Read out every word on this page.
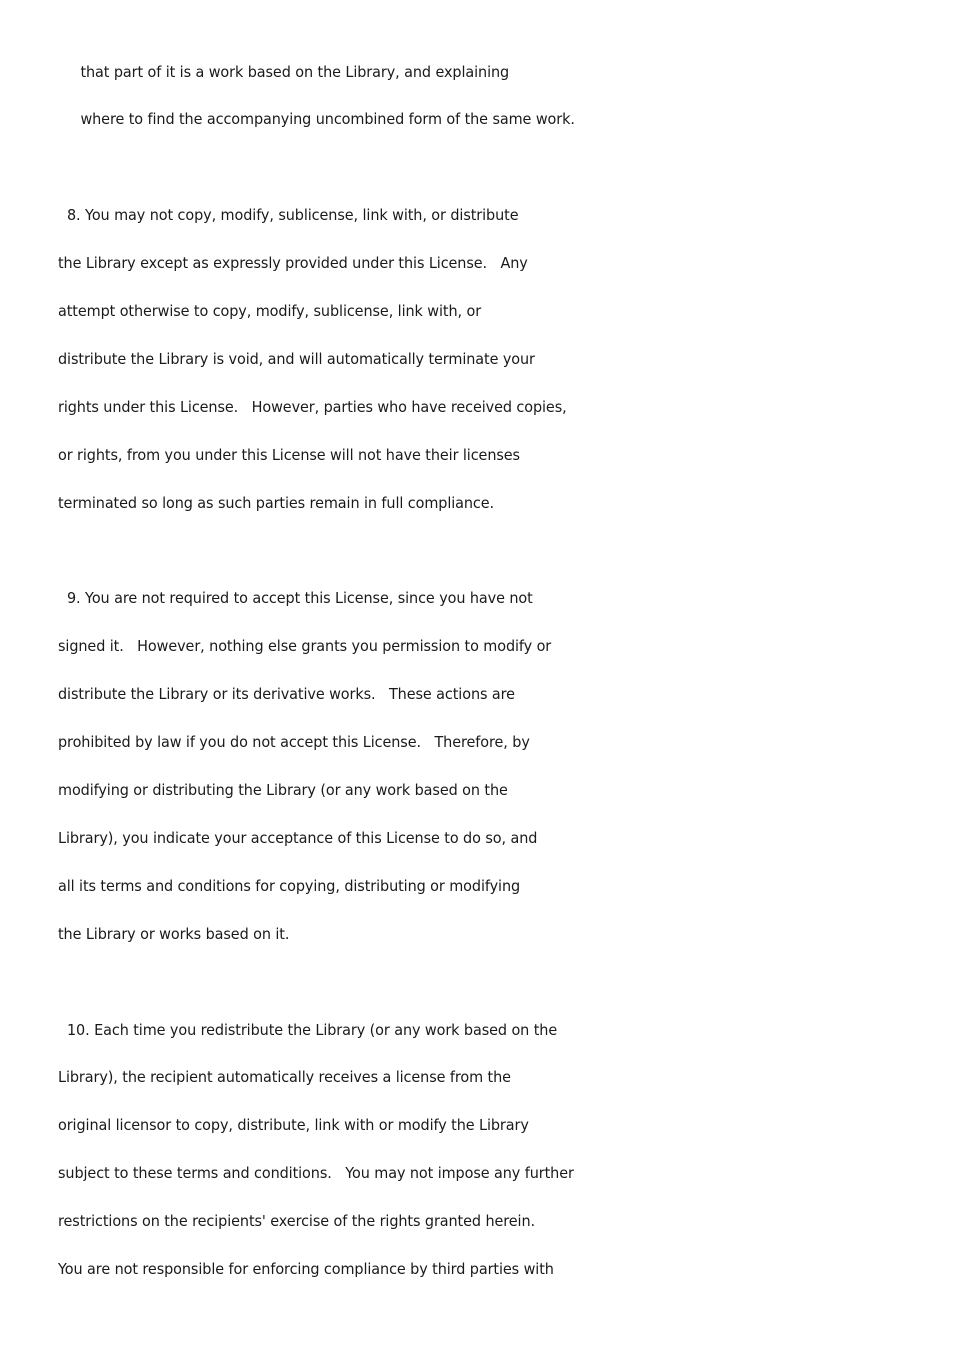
that part of it is a work based on the Library, and explaining
where to find the accompanying uncombined form of the same work.
8. You may not copy, modify, sublicense, link with, or distribute
the Library except as expressly provided under this License.   Any
attempt otherwise to copy, modify, sublicense, link with, or
distribute the Library is void, and will automatically terminate your
rights under this License.   However, parties who have received copies,
or rights, from you under this License will not have their licenses
terminated so long as such parties remain in full compliance.
9. You are not required to accept this License, since you have not
signed it.   However, nothing else grants you permission to modify or
distribute the Library or its derivative works.   These actions are
prohibited by law if you do not accept this License.   Therefore, by
modifying or distributing the Library (or any work based on the
Library), you indicate your acceptance of this License to do so, and
all its terms and conditions for copying, distributing or modifying
the Library or works based on it.
10. Each time you redistribute the Library (or any work based on the
Library), the recipient automatically receives a license from the
original licensor to copy, distribute, link with or modify the Library
subject to these terms and conditions.   You may not impose any further
restrictions on the recipients' exercise of the rights granted herein.
You are not responsible for enforcing compliance by third parties with
